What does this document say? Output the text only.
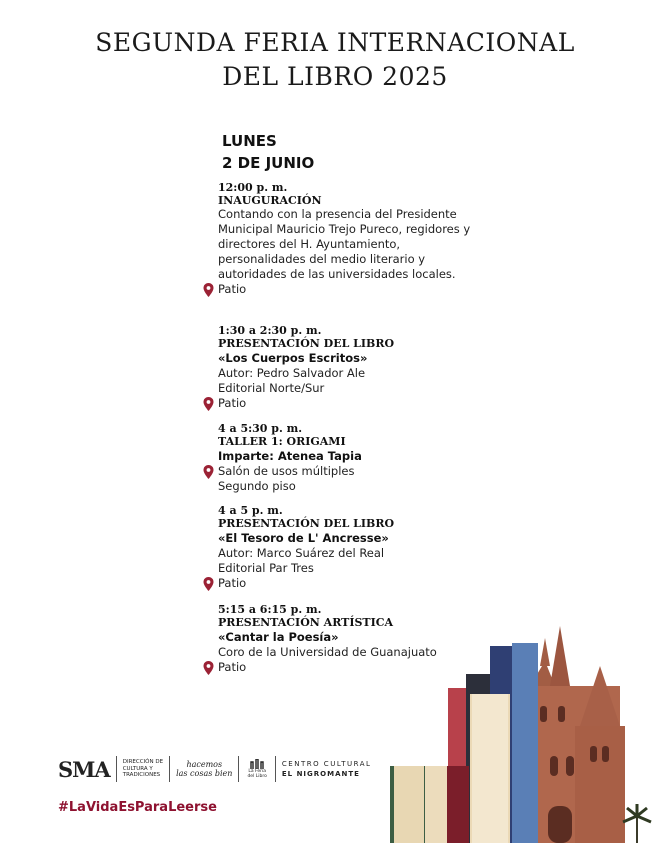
SEGUNDA FERIA INTERNACIONAL
DEL LIBRO 2025
LUNES
2 DE JUNIO
12:00 p. m.
INAUGURACIÓN
Contando con la presencia del Presidente Municipal Mauricio Trejo Pureco, regidores y directores del H. Ayuntamiento, personalidades del medio literario y autoridades de las universidades locales.
Patio
1:30 a 2:30 p. m.
PRESENTACIÓN DEL LIBRO
«Los Cuerpos Escritos»
Autor: Pedro Salvador Ale
Editorial Norte/Sur
Patio
4 a 5:30 p. m.
TALLER 1: ORIGAMI
Imparte: Atenea Tapia
Salón de usos múltiples
Segundo piso
4 a 5 p. m.
PRESENTACIÓN DEL LIBRO
«El Tesoro de L' Ancresse»
Autor: Marco Suárez del Real
Editorial Par Tres
Patio
5:15 a 6:15 p. m.
PRESENTACIÓN ARTÍSTICA
«Cantar la Poesía»
Coro de la Universidad de Guanajuato
Patio
SMA DIRECCIÓN DE
CULTURA Y
TRADICIONES
hacemos
las cosas bien	La Feria
del Libro
CENTRO CULTURAL
EL NIGROMANTE
#LaVidaEsParaLeerse
